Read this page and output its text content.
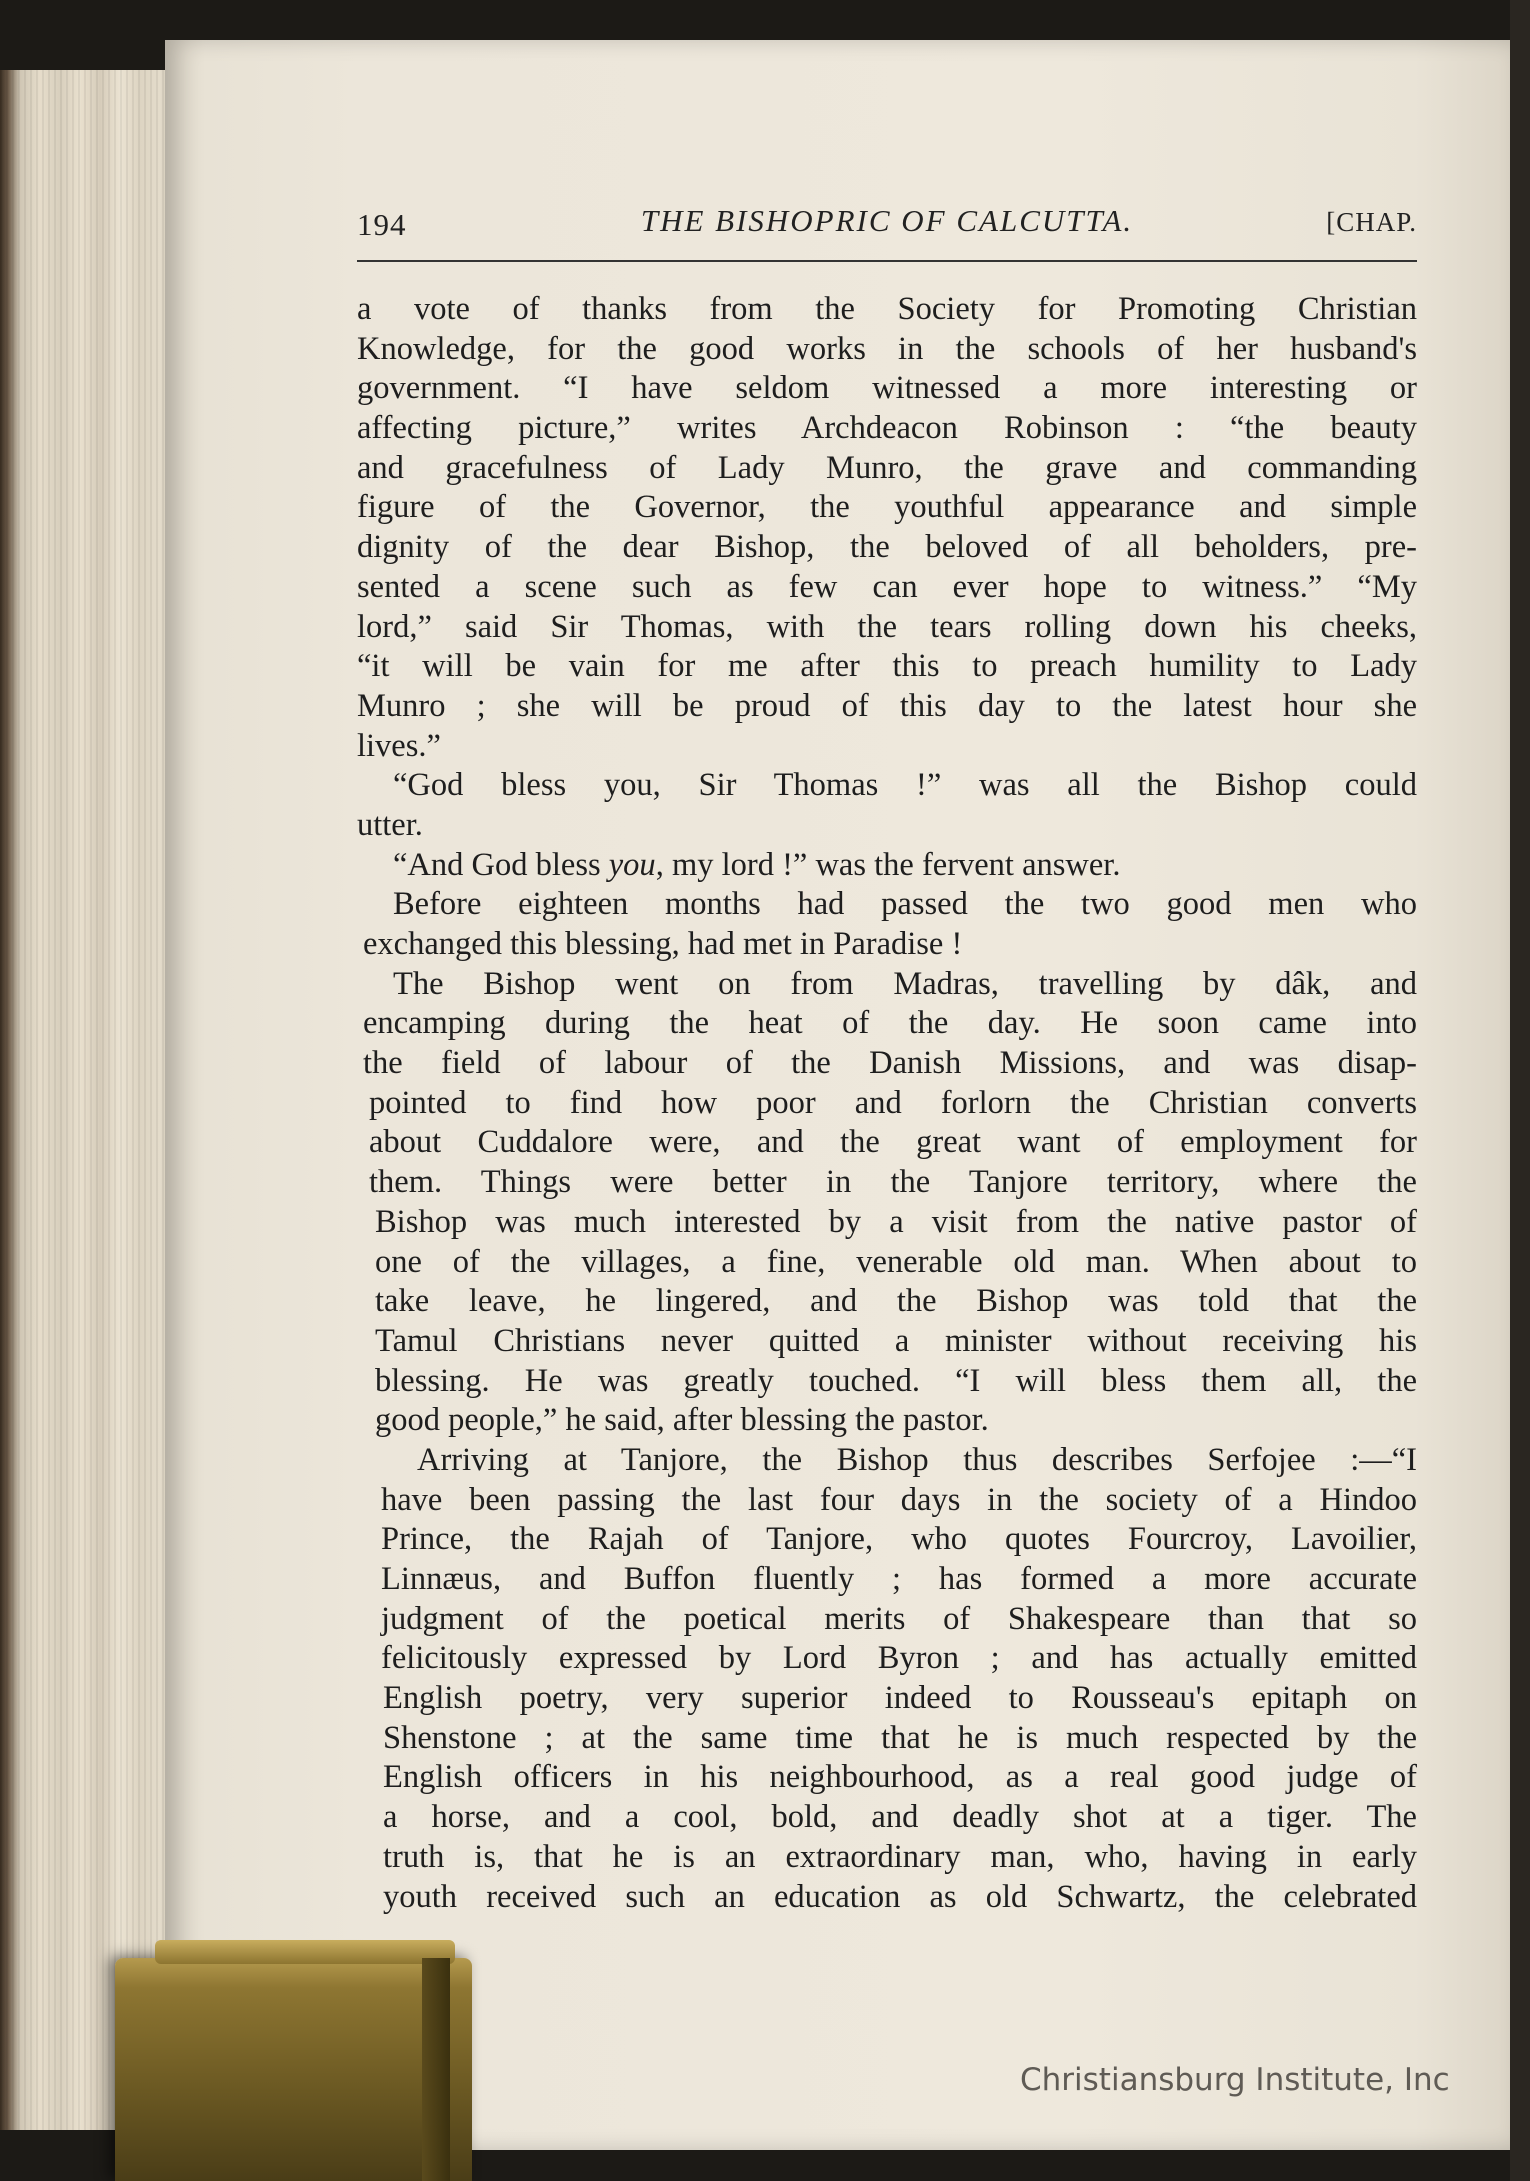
194	THE BISHOPRIC OF CALCUTTA.	[CHAP.
a vote of thanks from the Society for Promoting Christian
Knowledge, for the good works in the schools of her husband's
government. “I have seldom witnessed a more interesting or
affecting picture,” writes Archdeacon Robinson : “the beauty
and gracefulness of Lady Munro, the grave and commanding
figure of the Governor, the youthful appearance and simple
dignity of the dear Bishop, the beloved of all beholders, pre-
sented a scene such as few can ever hope to witness.” “My
lord,” said Sir Thomas, with the tears rolling down his cheeks,
“it will be vain for me after this to preach humility to Lady
Munro ; she will be proud of this day to the latest hour she
lives.”
“God bless you, Sir Thomas !” was all the Bishop could
utter.
“And God bless you, my lord !” was the fervent answer.
Before eighteen months had passed the two good men who
exchanged this blessing, had met in Paradise !
The Bishop went on from Madras, travelling by dâk, and
encamping during the heat of the day. He soon came into
the field of labour of the Danish Missions, and was disap-
pointed to find how poor and forlorn the Christian converts
about Cuddalore were, and the great want of employment for
them. Things were better in the Tanjore territory, where the
Bishop was much interested by a visit from the native pastor of
one of the villages, a fine, venerable old man. When about to
take leave, he lingered, and the Bishop was told that the
Tamul Christians never quitted a minister without receiving his
blessing. He was greatly touched. “I will bless them all, the
good people,” he said, after blessing the pastor.
Arriving at Tanjore, the Bishop thus describes Serfojee :—“I
have been passing the last four days in the society of a Hindoo
Prince, the Rajah of Tanjore, who quotes Fourcroy, Lavoilier,
Linnæus, and Buffon fluently ; has formed a more accurate
judgment of the poetical merits of Shakespeare than that so
felicitously expressed by Lord Byron ; and has actually emitted
English poetry, very superior indeed to Rousseau's epitaph on
Shenstone ; at the same time that he is much respected by the
English officers in his neighbourhood, as a real good judge of
a horse, and a cool, bold, and deadly shot at a tiger. The
truth is, that he is an extraordinary man, who, having in early
youth received such an education as old Schwartz, the celebrated
Christiansburg Institute, Inc
